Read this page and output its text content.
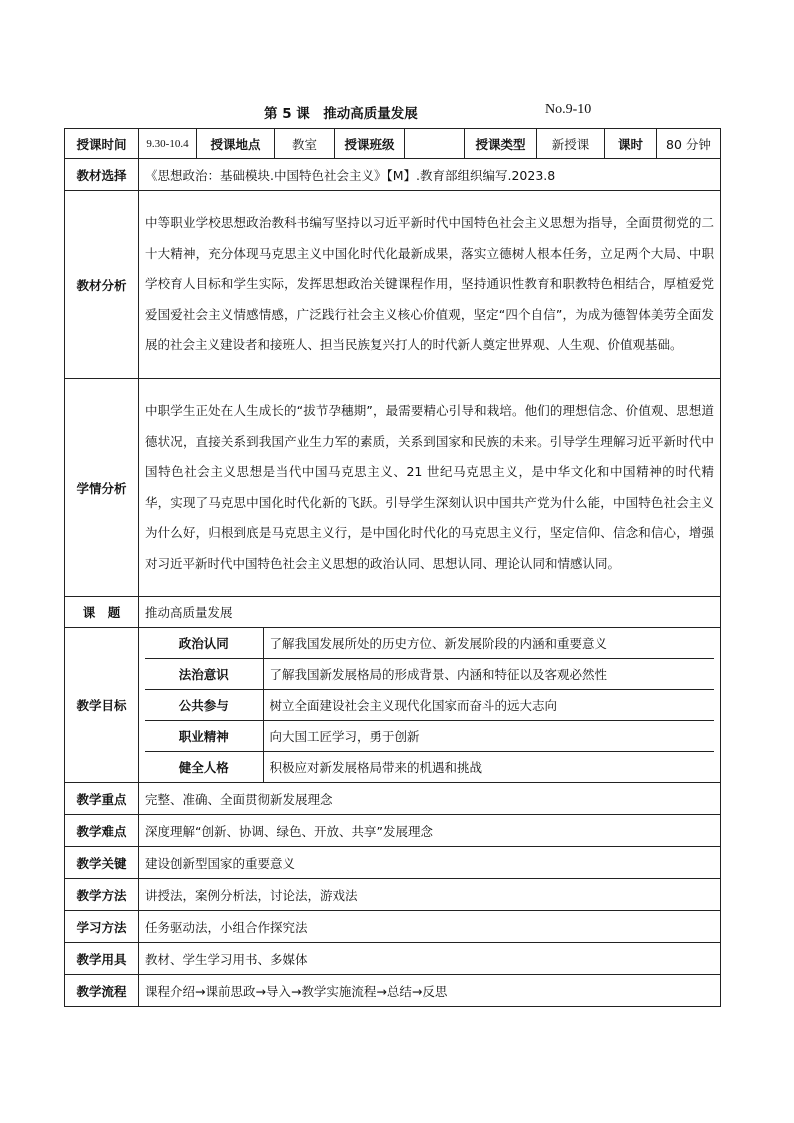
第 5 课　推动高质量发展	No.9-10
授课时间	9.30-10.4	授课地点	教室	授课班级		授课类型	新授课	课时	80 分钟
教材选择	《思想政治：基础模块.中国特色社会主义》【M】.教育部组织编写.2023.8
教材分析	中等职业学校思想政治教科书编写坚持以习近平新时代中国特色社会主义思想为指导，全面贯彻党的二十大精神，充分体现马克思主义中国化时代化最新成果，落实立德树人根本任务，立足两个大局、中职学校育人目标和学生实际，发挥思想政治关键课程作用，坚持通识性教育和职教特色相结合，厚植爱党爱国爱社会主义情感情感，广泛践行社会主义核心价值观，坚定“四个自信”，为成为德智体美劳全面发展的社会主义建设者和接班人、担当民族复兴打人的时代新人奠定世界观、人生观、价值观基础。
学情分析	中职学生正处在人生成长的“拔节孕穗期”，最需要精心引导和栽培。他们的理想信念、价值观、思想道德状况，直接关系到我国产业生力军的素质，关系到国家和民族的未来。引导学生理解习近平新时代中国特色社会主义思想是当代中国马克思主义、21 世纪马克思主义，是中华文化和中国精神的时代精华，实现了马克思中国化时代化新的飞跃。引导学生深刻认识中国共产党为什么能，中国特色社会主义为什么好，归根到底是马克思主义行，是中国化时代化的马克思主义行，坚定信仰、信念和信心，增强对习近平新时代中国特色社会主义思想的政治认同、思想认同、理论认同和情感认同。
课　题	推动高质量发展
教学目标	
政治认同	了解我国发展所处的历史方位、新发展阶段的内涵和重要意义
法治意识	了解我国新发展格局的形成背景、内涵和特征以及客观必然性
公共参与	树立全面建设社会主义现代化国家而奋斗的远大志向
职业精神	向大国工匠学习，勇于创新
健全人格	积极应对新发展格局带来的机遇和挑战

教学重点	完整、准确、全面贯彻新发展理念
教学难点	深度理解“创新、协调、绿色、开放、共享”发展理念
教学关键	建设创新型国家的重要意义
教学方法	讲授法，案例分析法，讨论法，游戏法
学习方法	任务驱动法，小组合作探究法
教学用具	教材、学生学习用书、多媒体
教学流程	课程介绍→课前思政→导入→教学实施流程→总结→反思
